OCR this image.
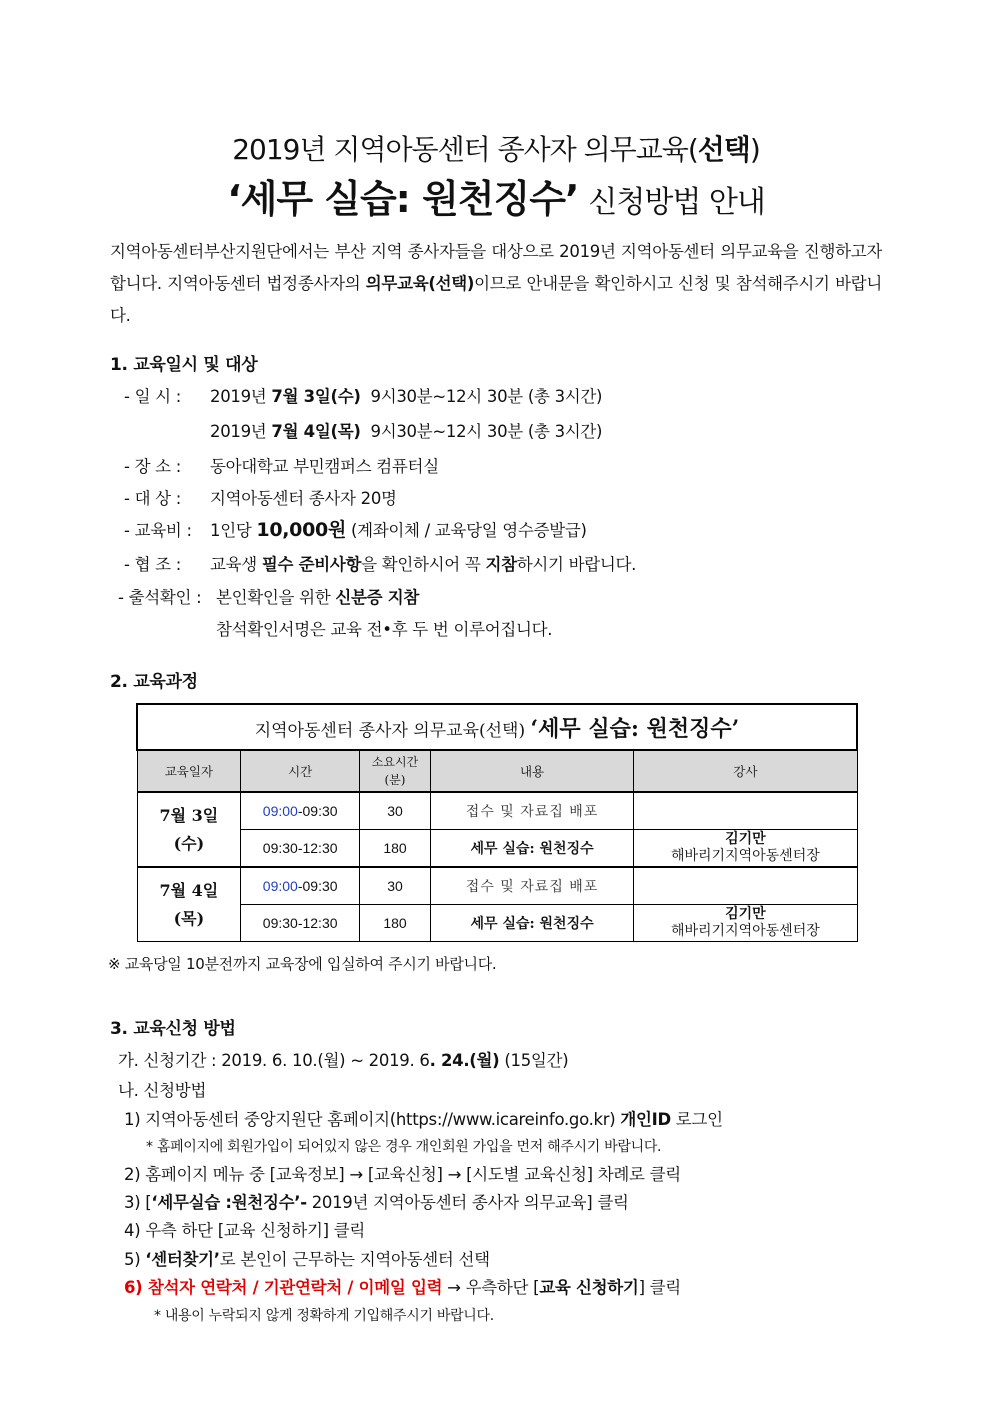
2019년 지역아동센터 종사자 의무교육(선택)
‘세무 실습: 원천징수’ 신청방법 안내
지역아동센터부산지원단에서는 부산 지역 종사자들을 대상으로 2019년 지역아동센터 의무교육을 진행하고자 합니다. 지역아동센터 법정종사자의 의무교육(선택)이므로 안내문을 확인하시고 신청 및 참석해주시기 바랍니다.
1. 교육일시 및 대상
- 일 시 : 2019년 7월 3일(수)  9시30분~12시 30분 (총 3시간)
2019년 7월 4일(목)  9시30분~12시 30분 (총 3시간)
- 장 소 : 동아대학교 부민캠퍼스 컴퓨터실
- 대 상 : 지역아동센터 종사자 20명
- 교육비 : 1인당 10,000원 (계좌이체 / 교육당일 영수증발급)
- 협 조 : 교육생 필수 준비사항을 확인하시어 꼭 지참하시기 바랍니다.
- 출석확인 : 본인확인을 위한 신분증 지참
참석확인서명은 교육 전•후 두 번 이루어집니다.
2. 교육과정
지역아동센터 종사자 의무교육(선택) ‘세무 실습: 원천징수’				
교육일자	시간	소요시간
(분)	내용	강사
7월 3일
(수)	09:00-09:30	30	접수 및 자료집 배포	
	09:30-12:30	180	세무 실습: 원천징수	김기만
해바리기지역아동센터장
7월 4일
(목)	09:00-09:30	30	접수 및 자료집 배포	
	09:30-12:30	180	세무 실습: 원천징수	김기만
해바리기지역아동센터장
※ 교육당일 10분전까지 교육장에 입실하여 주시기 바랍니다.
3. 교육신청 방법
가. 신청기간 : 2019. 6. 10.(월) ~ 2019. 6. 24.(월) (15일간)
나. 신청방법
1) 지역아동센터 중앙지원단 홈페이지(https://www.icareinfo.go.kr) 개인ID 로그인
* 홈페이지에 회원가입이 되어있지 않은 경우 개인회원 가입을 먼저 해주시기 바랍니다.
2) 홈페이지 메뉴 중 [교육정보] → [교육신청] → [시도별 교육신청] 차례로 클릭
3) [‘세무실습 :원천징수’- 2019년 지역아동센터 종사자 의무교육] 클릭
4) 우측 하단 [교육 신청하기] 클릭
5) ‘센터찾기’로 본인이 근무하는 지역아동센터 선택
6) 참석자 연락처 / 기관연락처 / 이메일 입력 → 우측하단 [교육 신청하기] 클릭
* 내용이 누락되지 않게 정확하게 기입해주시기 바랍니다.
